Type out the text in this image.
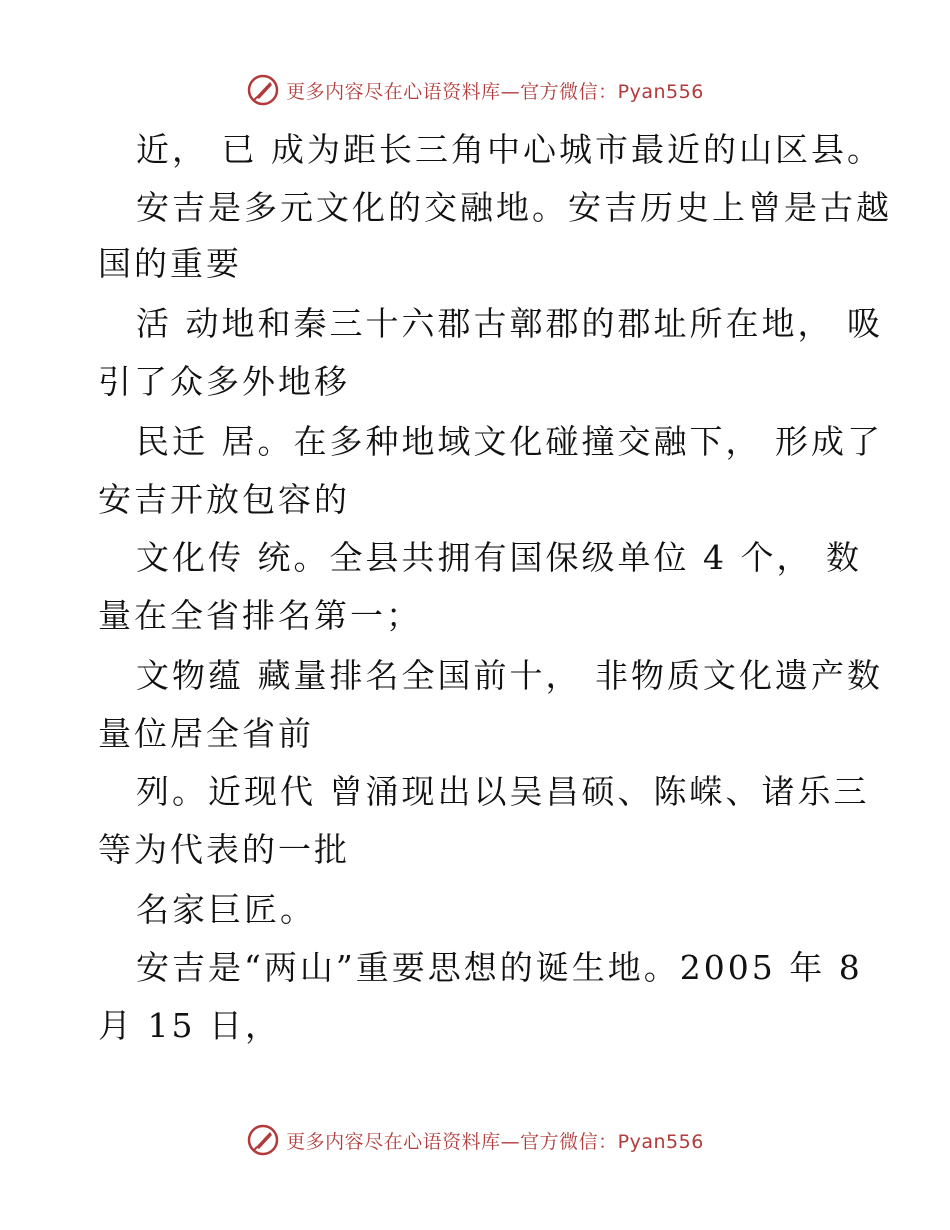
更多内容尽在心语资料库—官方微信：Pyan556
近， 已 成为距长三角中心城市最近的山区县。
安吉是多元文化的交融地。安吉历史上曾是古越
国的重要
活 动地和秦三十六郡古鄣郡的郡址所在地， 吸
引了众多外地移
民迁 居。在多种地域文化碰撞交融下， 形成了
安吉开放包容的
文化传 统。全县共拥有国保级单位 4 个， 数
量在全省排名第一；
文物蕴 藏量排名全国前十， 非物质文化遗产数
量位居全省前
列。近现代 曾涌现出以吴昌硕、陈嵘、诸乐三
等为代表的一批
名家巨匠。
安吉是“两山”重要思想的诞生地。2005 年 8
月 15 日，
更多内容尽在心语资料库—官方微信：Pyan556
